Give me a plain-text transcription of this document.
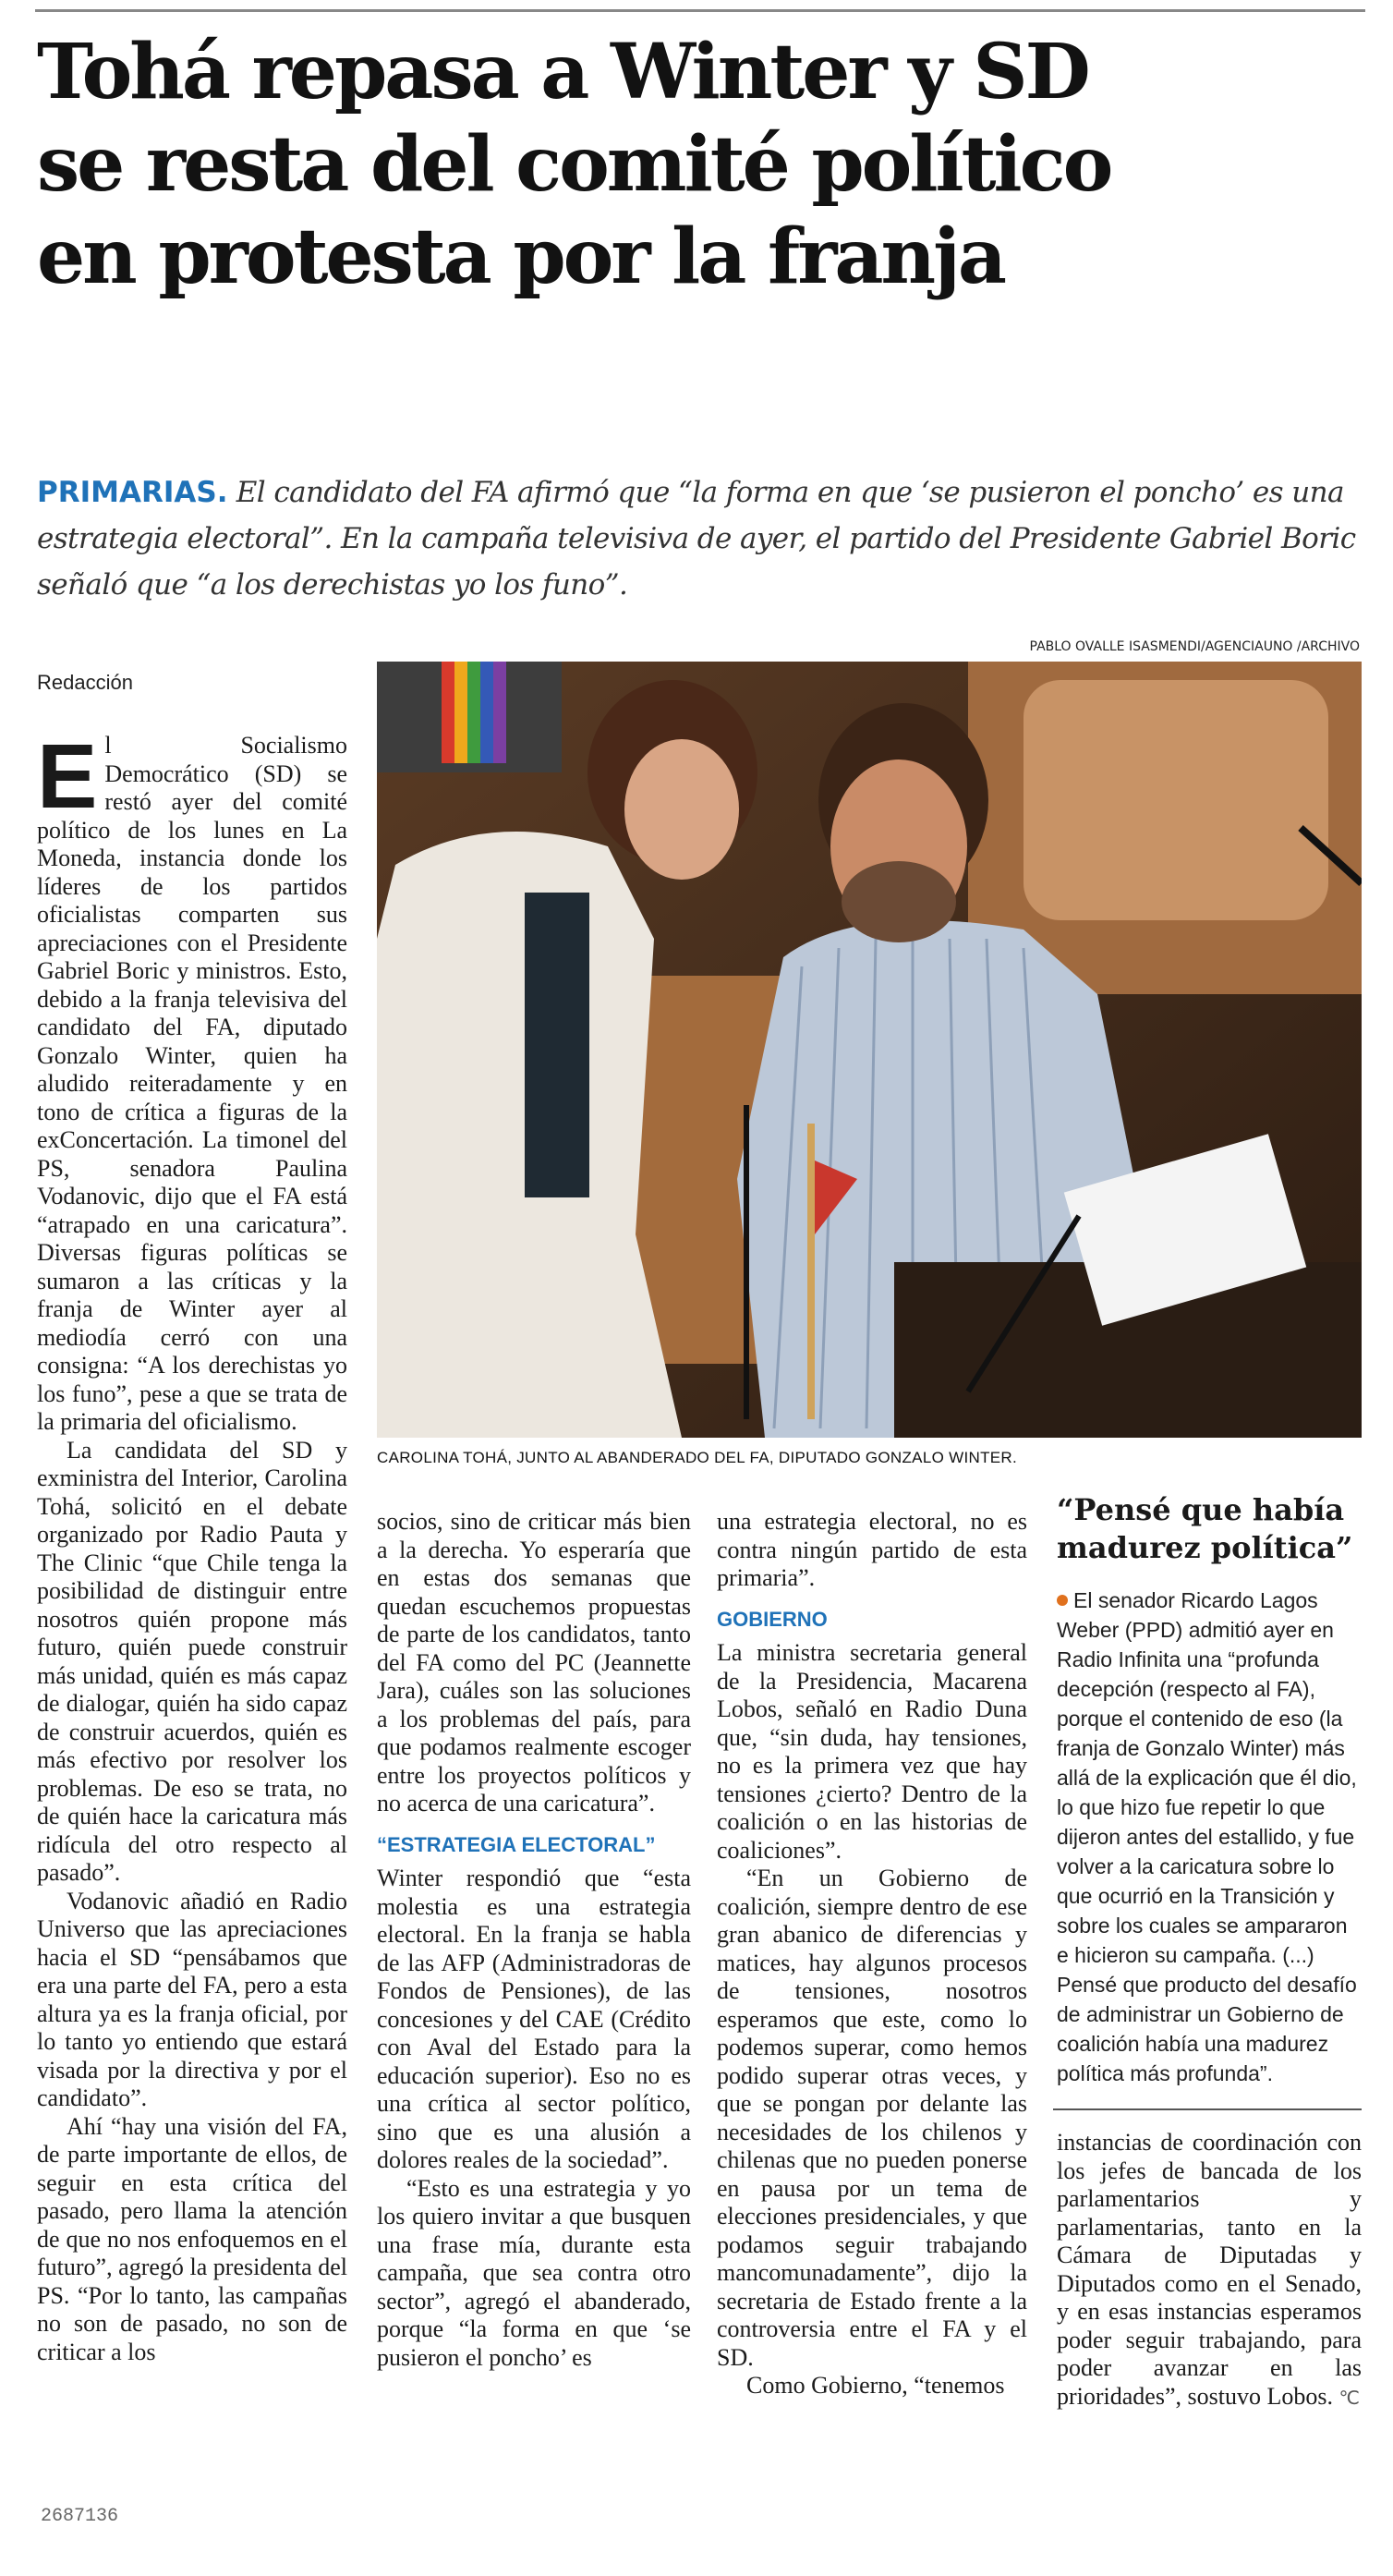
Tohá repasa a Winter y SD
se resta del comité político
en protesta por la franja

PRIMARIAS. El candidato del FA afirmó que “la forma en que ‘se pusieron el poncho’ es una estrategia electoral”. En la campaña televisiva de ayer, el partido del Presidente Gabriel Boric señaló que “a los derechistas yo los funo”.

PABLO OVALLE ISASMENDI/AGENCIAUNO /ARCHIVO
CAROLINA TOHÁ, JUNTO AL ABANDERADO DEL FA, DIPUTADO GONZALO WINTER.
Redacción

El Socialismo Democrático (SD) se restó ayer del comité político de los lunes en La Moneda, instancia donde los líderes de los partidos oficialistas comparten sus apreciaciones con el Presidente Gabriel Boric y ministros. Esto, debido a la franja televisiva del candidato del FA, diputado Gonzalo Winter, quien ha aludido reiteradamente y en tono de crítica a figuras de la exConcertación. La timonel del PS, senadora Paulina Vodanovic, dijo que el FA está “atrapado en una caricatura”. Diversas figuras políticas se sumaron a las críticas y la franja de Winter ayer al mediodía cerró con una consigna: “A los derechistas yo los funo”, pese a que se trata de la primaria del oficialismo.

La candidata del SD y exministra del Interior, Carolina Tohá, solicitó en el debate organizado por Radio Pauta y The Clinic “que Chile tenga la posibilidad de distinguir entre nosotros quién propone más futuro, quién puede construir más unidad, quién es más capaz de dialogar, quién ha sido capaz de construir acuerdos, quién es más efectivo por resolver los problemas. De eso se trata, no de quién hace la caricatura más ridícula del otro respecto al pasado”.

Vodanovic añadió en Radio Universo que las apreciaciones hacia el SD “pensábamos que era una parte del FA, pero a esta altura ya es la franja oficial, por lo tanto yo entiendo que estará visada por la directiva y por el candidato”.

Ahí “hay una visión del FA, de parte importante de ellos, de seguir en esta crítica del pasado, pero llama la atención de que no nos enfoquemos en el futuro”, agregó la presidenta del PS. “Por lo tanto, las campañas no son de pasado, no son de criticar a los

socios, sino de criticar más bien a la derecha. Yo esperaría que en estas dos semanas que quedan escuchemos propuestas de parte de los candidatos, tanto del FA como del PC (Jeannette Jara), cuáles son las soluciones a los problemas del país, para que podamos realmente escoger entre los proyectos políticos y no acerca de una caricatura”.

“ESTRATEGIA ELECTORAL”

Winter respondió que “esta molestia es una estrategia electoral. En la franja se habla de las AFP (Administradoras de Fondos de Pensiones), de las concesiones y del CAE (Crédito con Aval del Estado para la educación superior). Eso no es una crítica al sector político, sino que es una alusión a dolores reales de la sociedad”.

“Esto es una estrategia y yo los quiero invitar a que busquen una frase mía, durante esta campaña, que sea contra otro sector”, agregó el abanderado, porque “la forma en que ‘se pusieron el poncho’ es

una estrategia electoral, no es contra ningún partido de esta primaria”.

GOBIERNO

La ministra secretaria general de la Presidencia, Macarena Lobos, señaló en Radio Duna que, “sin duda, hay tensiones, no es la primera vez que hay tensiones ¿cierto? Dentro de la coalición o en las historias de coaliciones”.

“En un Gobierno de coalición, siempre dentro de ese gran abanico de diferencias y matices, hay algunos procesos de tensiones, nosotros esperamos que este, como lo podemos superar, como hemos podido superar otras veces, y que se pongan por delante las necesidades de los chilenos y chilenas que no pueden ponerse en pausa por un tema de elecciones presidenciales, y que podamos seguir trabajando mancomunadamente”, dijo la secretaria de Estado frente a la controversia entre el FA y el SD.

Como Gobierno, “tenemos

“Pensé que había madurez política”
El senador Ricardo Lagos Weber (PPD) admitió ayer en Radio Infinita una “profunda decepción (respecto al FA), porque el contenido de eso (la franja de Gonzalo Winter) más allá de la explicación que él dio, lo que hizo fue repetir lo que dijeron antes del estallido, y fue volver a la caricatura sobre lo que ocurrió en la Transición y sobre los cuales se ampararon e hicieron su campaña. (...) Pensé que producto del desafío de administrar un Gobierno de coalición había una madurez política más profunda”.

instancias de coordinación con los jefes de bancada de los parlamentarios y parlamentarias, tanto en la Cámara de Diputadas y Diputados como en el Senado, y en esas instancias esperamos poder seguir trabajando, para poder avanzar en las prioridades”, sostuvo Lobos. ℃

2687136
